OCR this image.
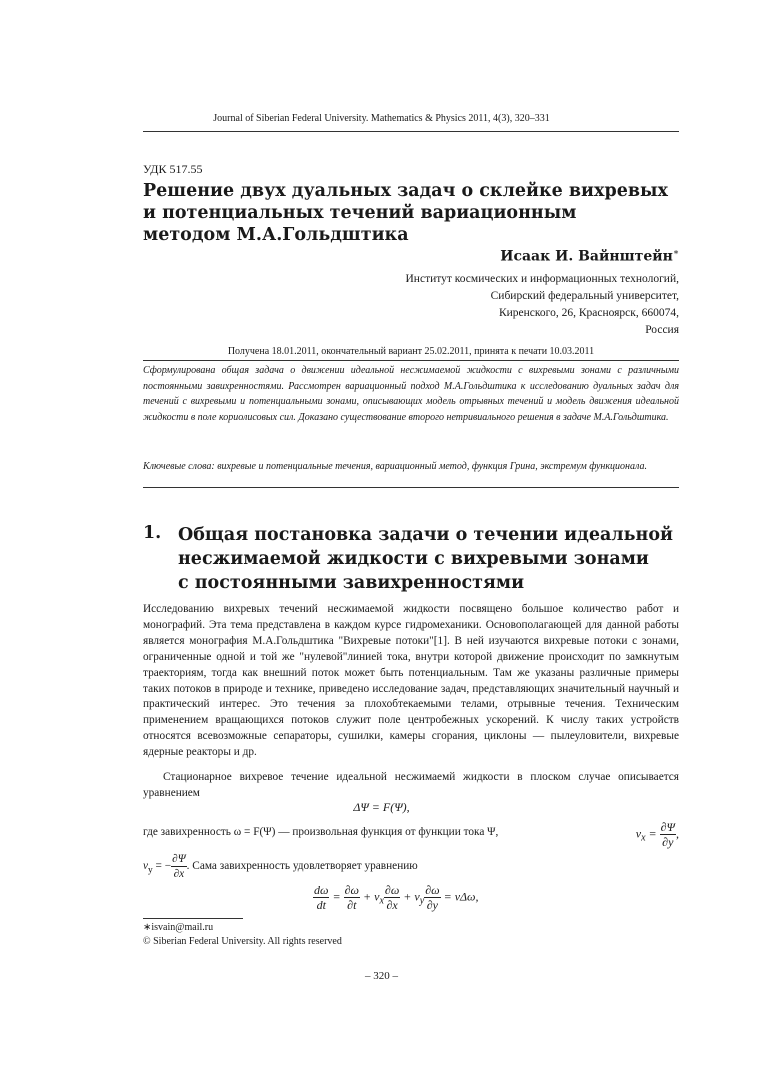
Journal of Siberian Federal University. Mathematics & Physics 2011, 4(3), 320–331
УДК 517.55
Решение двух дуальных задач о склейке вихревых
и потенциальных течений вариационным
методом М.А.Гольдштика
Исаак И. Вайнштейн∗
Институт космических и информационных технологий,
Сибирский федеральный университет,
Киренского, 26, Красноярск, 660074,
Россия
Получена 18.01.2011, окончательный вариант 25.02.2011, принята к печати 10.03.2011
Сформулирована общая задача о движении идеальной несжимаемой жидкости с вихревыми зонами с различными постоянными завихренностями. Рассмотрен вариационный подход М.А.Гольдштика к исследованию дуальных задач для течений с вихревыми и потенциальными зонами, описывающих модель отрывных течений и модель движения идеальной жидкости в поле кориолисовых сил. Доказано существование второго нетривиального решения в задаче М.А.Гольдштика.
Ключевые слова: вихревые и потенциальные течения, вариационный метод, функция Грина, экстремум функционала.
1. Общая постановка задачи о течении идеальной
несжимаемой жидкости с вихревыми зонами
с постоянными завихренностями
Исследованию вихревых течений несжимаемой жидкости посвящено большое количество работ и монографий. Эта тема представлена в каждом курсе гидромеханики. Основополагающей для данной работы является монография М.А.Гольдштика "Вихревые потоки"[1]. В ней изучаются вихревые потоки с зонами, ограниченные одной и той же "нулевой"линией тока, внутри которой движение происходит по замкнутым траекториям, тогда как внешний поток может быть потенциальным. Там же указаны различные примеры таких потоков в природе и технике, приведено исследование задач, представляющих значительный научный и практический интерес. Это течения за плохобтекаемыми телами, отрывные течения. Техническим применением вращающихся потоков служит поле центробежных ускорений. К числу таких устройств относятся всевозможные сепараторы, сушилки, камеры сгорания, циклоны — пылеуловители, вихревые ядерные реакторы и др.
Стационарное вихревое течение идеальной несжимаемй жидкости в плоском случае описывается уравнением
ΔΨ = F(Ψ),
где завихренность ω = F(Ψ) — произвольная функция от функции тока Ψ,	$v_x = \frac{\partial\Psi}{\partial y}$ ,
$v_y$ = − $\frac{\partial\Psi}{\partial x}$ . Сама завихренность удовлетворяет уравнению
$\frac{d\omega}{dt} = \frac{\partial\omega}{\partial t} + v_x \frac{\partial\omega}{\partial x} + v_y \frac{\partial\omega}{\partial y} = \nu\Delta\omega$,
∗isvain@mail.ru
© Siberian Federal University. All rights reserved
– 320 –
